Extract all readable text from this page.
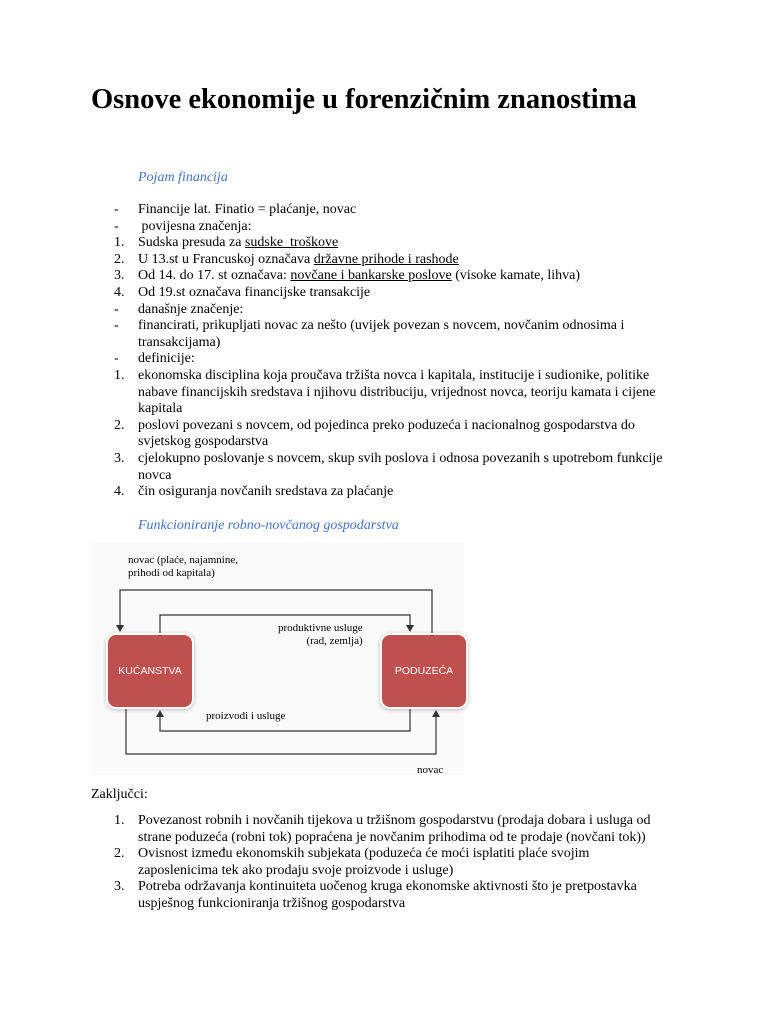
Osnove ekonomije u forenzičnim znanostima
Pojam financija
-	Financije lat. Finatio = plaćanje, novac
-	povijesna značenja:
1. Sudska presuda za sudske  troškove
2. U 13.st u Francuskoj označava državne prihode i rashode
3. Od 14. do 17. st označava: novčane i bankarske poslove (visoke kamate, lihva)
4. Od 19.st označava financijske transakcije
-	današnje značenje:
-	financirati, prikupljati novac za nešto (uvijek povezan s novcem, novčanim odnosima i transakcijama)
-	definicije:
1. ekonomska disciplina koja proučava tržišta novca i kapitala, institucije i sudionike, politike nabave financijskih sredstava i njihovu distribuciju, vrijednost novca, teoriju kamata i cijene kapitala
2. poslovi povezani s novcem, od pojedinca preko poduzeća i nacionalnog gospodarstva do svjetskog gospodarstva
3. cjelokupno poslovanje s novcem, skup svih poslova i odnosa povezanih s upotrebom funkcije novca
4. čin osiguranja novčanih sredstava za plaćanje
Funkcioniranje robno-novčanog gospodarstva
KUĆANSTVA	PODUZEĆA
novac (plaće, najamnine,
prihodi od kapitala)
produktivne usluge
(rad, zemlja)
proizvodi i usluge
novac
Zaključci:
1. Povezanost robnih i novčanih tijekova u tržišnom gospodarstvu (prodaja dobara i usluga od strane poduzeća (robni tok) popraćena je novčanim prihodima od te prodaje (novčani tok))
2. Ovisnost između ekonomskih subjekata (poduzeća će moći isplatiti plaće svojim zaposlenicima tek ako prodaju svoje proizvode i usluge)
3. Potreba održavanja kontinuiteta uočenog kruga ekonomske aktivnosti što je pretpostavka uspješnog funkcioniranja tržišnog gospodarstva
